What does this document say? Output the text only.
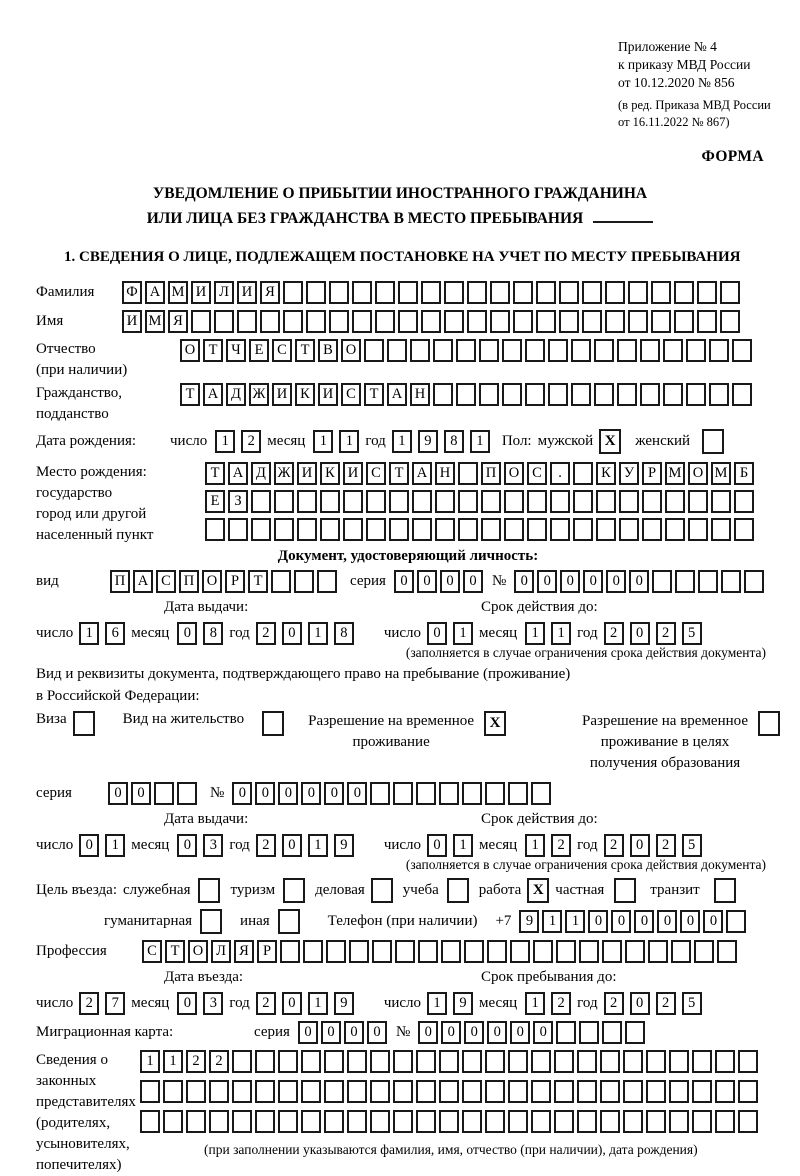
Приложение № 4
к приказу МВД России
от 10.12.2020 № 856
(в ред. Приказа МВД России
от 16.11.2022 № 867)
ФОРМА
УВЕДОМЛЕНИЕ О ПРИБЫТИИ ИНОСТРАННОГО ГРАЖДАНИНА
ИЛИ ЛИЦА БЕЗ ГРАЖДАНСТВА В МЕСТО ПРЕБЫВАНИЯ
1. СВЕДЕНИЯ О ЛИЦЕ, ПОДЛЕЖАЩЕМ ПОСТАНОВКЕ НА УЧЕТ ПО МЕСТУ ПРЕБЫВАНИЯ
Фамилия	Ф А М И Л И Я
Имя	И М Я
Отчество
(при наличии)
О Т Ч Е С Т В О
Гражданство,
подданство
Т А Д Ж И К И С Т А Н
Дата рождения:	число 1	2 месяц 1	1 год 1	9	8	1	Пол: мужской X	женский
Место рождения:
государство
город или другой
населенный пункт
Т А Д Ж И К И С Т А Н	П О С	.	К У Р М О М Б
Е	З
Документ, удостоверяющий личность:
вид	П А С П О Р	Т	серия 0	0	0	0	№ 0	0	0	0	0	0
Дата выдачи:	Срок действия до:
число 1	6 месяц 0	8 год 2	0	1	8	число 0	1 месяц 1	1 год 2	0	2	5
(заполняется в случае ограничения срока действия документа)
Вид и реквизиты документа, подтверждающего право на пребывание (проживание)
в Российской Федерации:
Виза	Вид на жительство	Разрешение на временное
проживание
X	Разрешение на временное
проживание в целях
получения образования
серия	0	0	№ 0	0	0	0	0	0
Дата выдачи:	Срок действия до:
число 0	1 месяц 0	3 год 2	0	1	9	число 0	1 месяц 1	2 год 2	0	2	5
(заполняется в случае ограничения срока действия документа)
Цель въезда: служебная	туризм	деловая	учеба	работа X частная	транзит
гуманитарная	иная	Телефон (при наличии) +7 9	1	1	0	0	0	0	0	0
Профессия	С Т О Л Я Р
Дата въезда:	Срок пребывания до:
число 2	7 месяц 0	3 год 2	0	1	9	число 1	9 месяц 1	2 год 2	0	2	5
Миграционная карта:	серия 0	0	0	0	№ 0	0	0	0	0	0
Сведения о
законных
представителях
(родителях,
усыновителях,
попечителях)
1	1	2	2
(при заполнении указываются фамилия, имя, отчество (при наличии), дата рождения)
